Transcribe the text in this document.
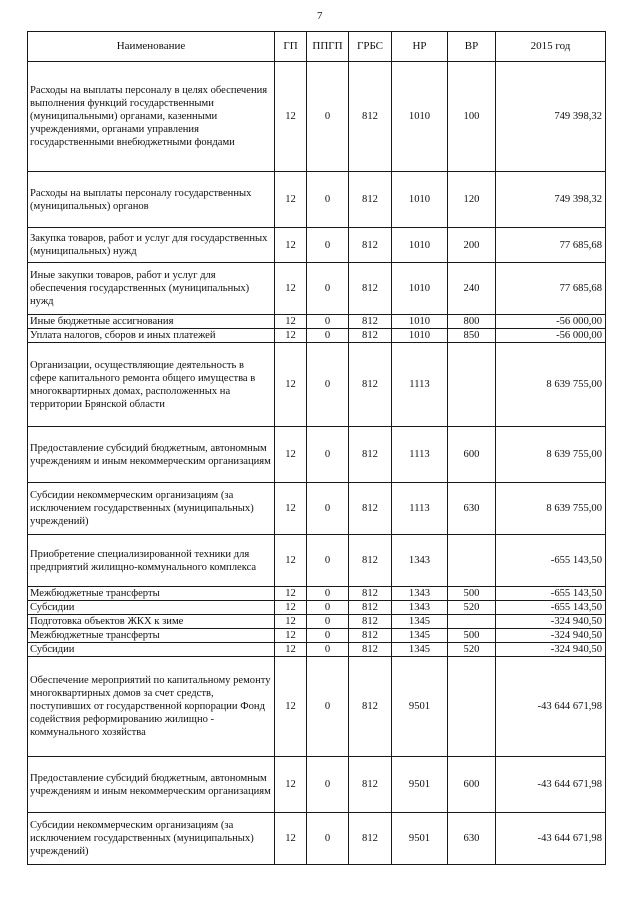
7
Наименование	ГП	ППГП	ГРБС	НР	ВР	2015 год
Расходы на выплаты персоналу в целях обеспечения выполнения функций государственными (муниципальными) органами, казенными учреждениями, органами управления государственными внебюджетными фондами	12	0	812	1010	100	749 398,32
Расходы на выплаты персоналу государственных (муниципальных) органов	12	0	812	1010	120	749 398,32
Закупка товаров, работ и услуг для государственных (муниципальных) нужд	12	0	812	1010	200	77 685,68
Иные закупки товаров, работ и услуг для обеспечения государственных (муниципальных) нужд	12	0	812	1010	240	77 685,68
Иные бюджетные ассигнования	12	0	812	1010	800	-56 000,00
Уплата налогов, сборов и иных платежей	12	0	812	1010	850	-56 000,00
Организации, осуществляющие деятельность в сфере капитального ремонта общего имущества в многоквартирных домах, расположенных на территории Брянской области	12	0	812	1113		8 639 755,00
Предоставление субсидий бюджетным, автономным учреждениям и иным некоммерческим организациям	12	0	812	1113	600	8 639 755,00
Субсидии некоммерческим организациям (за исключением государственных (муниципальных) учреждений)	12	0	812	1113	630	8 639 755,00
Приобретение специализированной техники для предприятий жилищно-коммунального комплекса	12	0	812	1343		-655 143,50
Межбюджетные трансферты	12	0	812	1343	500	-655 143,50
Субсидии	12	0	812	1343	520	-655 143,50
Подготовка объектов ЖКХ к зиме	12	0	812	1345		-324 940,50
Межбюджетные трансферты	12	0	812	1345	500	-324 940,50
Субсидии	12	0	812	1345	520	-324 940,50
Обеспечение мероприятий по капитальному ремонту многоквартирных домов за счет средств, поступивших от государственной корпорации Фонд содействия реформированию жилищно - коммунального хозяйства	12	0	812	9501		-43 644 671,98
Предоставление субсидий бюджетным, автономным учреждениям и иным некоммерческим организациям	12	0	812	9501	600	-43 644 671,98
Субсидии некоммерческим организациям (за исключением государственных (муниципальных) учреждений)	12	0	812	9501	630	-43 644 671,98
